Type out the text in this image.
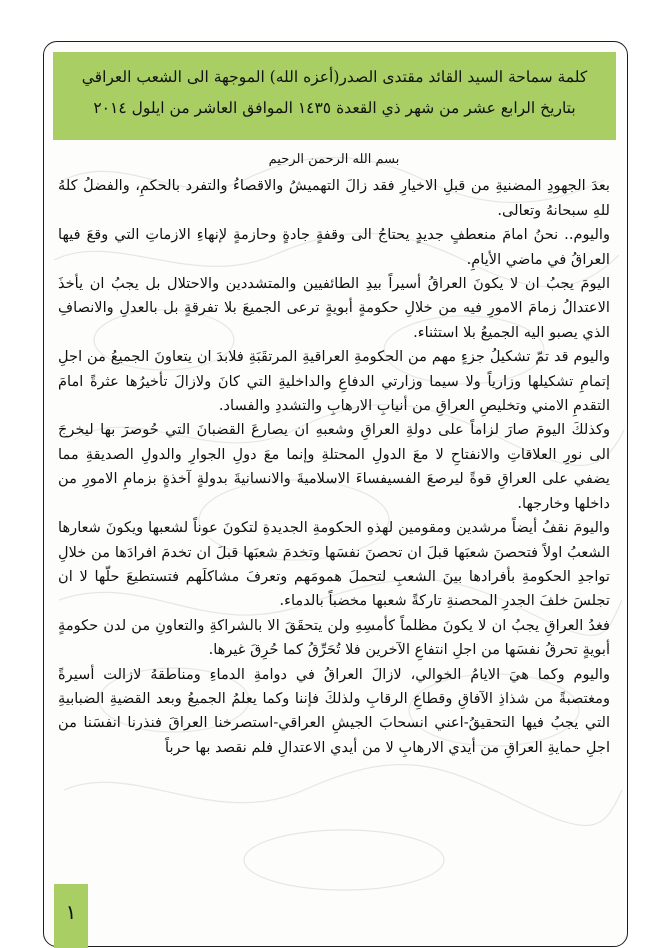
كلمة سماحة السيد القائد مقتدى الصدر(أعزه الله) الموجهة الى الشعب العراقي
بتاريخ الرابع عشر من شهر ذي القعدة ١٤٣٥ الموافق العاشر من ايلول ٢٠١٤
بسم الله الرحمن الرحيم

بعدَ الجهودِ المضنيةِ من قبلِ الاخيارِ فقد زالَ التهميشُ والاقصاءُ والتفرد بالحكمِ، والفضلُ كلهُ للهِ سبحانهُ وتعالى.

واليوم.. نحنُ امامَ منعطفٍ جديدٍ يحتاجُ الى وقفةٍ جادةٍ وحازمةٍ لإنهاءِ الازماتِ التي وقعَ فيها العراقُ في ماضي الأيامِ.

اليومَ يجبُ ان لا يكونَ العراقُ أسيراً بيدِ الطائفيين والمتشددين والاحتلال بل يجبُ ان يأخذَ الاعتدالُ زمامَ الامورِ فيه من خلالِ حكومةٍ أبويةٍ ترعى الجميعَ بلا تفرقةٍ بل بالعدلِ والانصافِ الذي يصبو اليه الجميعُ بلا استثناء.

واليوم قد تمّ تشكيلُ جزءٍ مهم من الحكومةِ العراقيةِ المرتقَبَةِ فلابدَ ان يتعاونَ الجميعُ من اجلِ إتمامِ تشكيلها وزارياً ولا سيما وزارتي الدفاعِ والداخليةِ التي كانَ ولازالَ تأخيرُها عثرةً امامَ التقدمِ الامني وتخليصِ العراقِ من أنيابِ الارهابِ والتشددِ والفساد.

وكذلكَ اليومَ صارَ لزاماً على دولةِ العراقِ وشعبهِ ان يصارعَ القضبانَ التي حُوصرَ بها ليخرجَ الى نورِ العلاقاتِ والانفتاحِ لا معَ الدولِ المحتلةِ وإنما معَ دولِ الجوارِ والدولِ الصديقةِ مما يضفي على العراقِ قوةً ليرصعَ الفسيفساءَ الاسلاميةَ والانسانيةَ بدولةٍ آخذةٍ بزمامِ الامورِ من داخلها وخارجها.

واليومَ نقفُ أيضاً مرشدين ومقومين لهذهِ الحكومةِ الجديدةِ لتكونَ عوناً لشعبها ويكونَ شعارها الشعبُ اولاً فتحصنَ شعبَها قبلَ ان تحصنَ نفسَها وتخدمَ شعبَها قبلَ ان تخدمَ افرادَها من خلالِ تواجدِ الحكومةِ بأفرادها بينَ الشعبِ لتحملَ همومَهم وتعرفَ مشاكلَهم فتستطيعَ حلّها لا ان تجلسَ خلفَ الجدرِ المحصنةِ تاركةً شعبها مخضباً بالدماء.

فغدُ العراقِ يجبُ ان لا يكونَ مظلماً كأمسِهِ ولن يتحقَقَ الا بالشراكةِ والتعاونِ من لدن حكومةٍ أبويةٍ تحرقُ نفسَها من اجلِ انتفاعِ الآخرين فلا تُحَرِّقُ كما حُرِقَ غيرها.

واليوم وكما هيَ الايامُ الخوالي، لازالَ العراقُ في دوامةِ الدماءِ ومناطقهُ لازالت أسيرةً ومغتصبةً من شذاذِ الآفاقِ وقطاعِ الرقابِ ولذلكَ فإننا وكما يعلمُ الجميعُ وبعد القضيةِ الضبابيةِ التي يجبُ فيها التحقيقُ-اعني انسحابَ الجيشِ العراقي-استصرخنا العراقَ فنذرنا انفسَنا من اجلِ حمايةِ العراقِ من أيدي الارهابِ لا من أيدي الاعتدالِ فلم نقصد بها حرباً

١
